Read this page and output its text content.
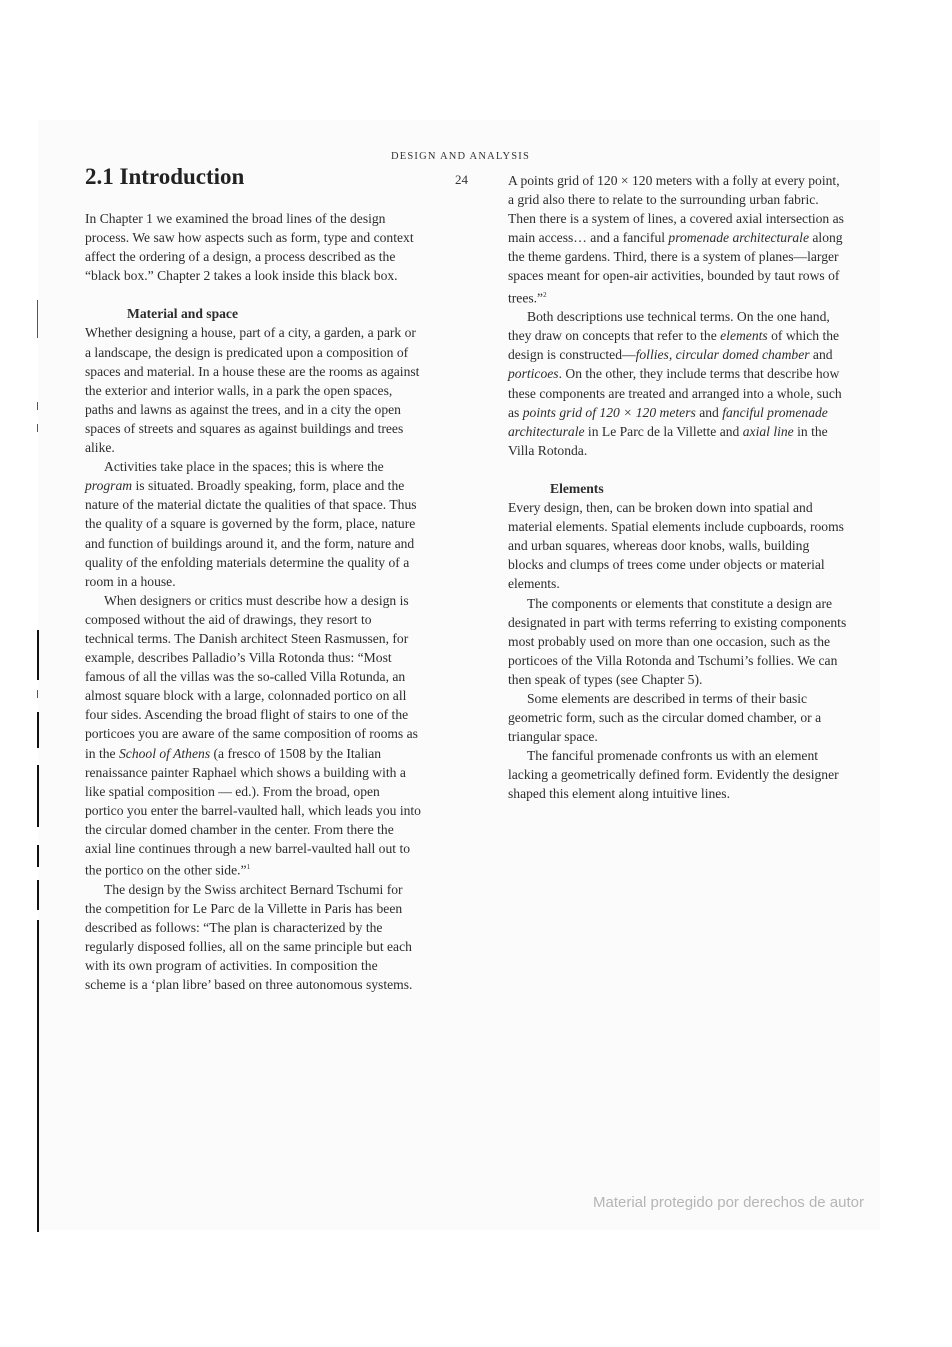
DESIGN AND ANALYSIS
24
2.1 Introduction

In Chapter 1 we examined the broad lines of the design process. We saw how aspects such as form, type and context affect the ordering of a design, a process described as the “black box.” Chapter 2 takes a look inside this black box.

Material and space

Whether designing a house, part of a city, a garden, a park or a landscape, the design is predicated upon a composition of spaces and material. In a house these are the rooms as against the exterior and interior walls, in a park the open spaces, paths and lawns as against the trees, and in a city the open spaces of streets and squares as against buildings and trees alike.

Activities take place in the spaces; this is where the program is situated. Broadly speaking, form, place and the nature of the material dictate the qualities of that space. Thus the quality of a square is governed by the form, place, nature and function of buildings around it, and the form, nature and quality of the enfolding materials determine the quality of a room in a house.

When designers or critics must describe how a design is composed without the aid of drawings, they resort to technical terms. The Danish architect Steen Rasmussen, for example, describes Palladio’s Villa Rotonda thus: “Most famous of all the villas was the so-called Villa Rotunda, an almost square block with a large, colonnaded portico on all four sides. Ascending the broad flight of stairs to one of the porticoes you are aware of the same composition of rooms as in the School of Athens (a fresco of 1508 by the Italian renaissance painter Raphael which shows a building with a like spatial composition — ed.). From the broad, open portico you enter the barrel-vaulted hall, which leads you into the circular domed chamber in the center. From there the axial line continues through a new barrel-vaulted hall out to the portico on the other side.”$^1$

The design by the Swiss architect Bernard Tschumi for the competition for Le Parc de la Villette in Paris has been described as follows: “The plan is characterized by the regularly disposed follies, all on the same principle but each with its own program of activities. In composition the scheme is a ‘plan libre’ based on three autonomous systems.

A points grid of 120 × 120 meters with a folly at every point, a grid also there to relate to the surrounding urban fabric. Then there is a system of lines, a covered axial intersection as main access… and a fanciful promenade architecturale along the theme gardens. Third, there is a system of planes—larger spaces meant for open-air activities, bounded by taut rows of trees.”$^2$

Both descriptions use technical terms. On the one hand, they draw on concepts that refer to the elements of which the design is constructed—follies, circular domed chamber and porticoes. On the other, they include terms that describe how these components are treated and arranged into a whole, such as points grid of 120 × 120 meters and fanciful promenade architecturale in Le Parc de la Villette and axial line in the Villa Rotonda.

Elements

Every design, then, can be broken down into spatial and material elements. Spatial elements include cupboards, rooms and urban squares, whereas door knobs, walls, building blocks and clumps of trees come under objects or material elements.

The components or elements that constitute a design are designated in part with terms referring to existing components most probably used on more than one occasion, such as the porticoes of the Villa Rotonda and Tschumi’s follies. We can then speak of types (see Chapter 5).

Some elements are described in terms of their basic geometric form, such as the circular domed chamber, or a triangular space.

The fanciful promenade confronts us with an element lacking a geometrically defined form. Evidently the designer shaped this element along intuitive lines.

Material protegido por derechos de autor
